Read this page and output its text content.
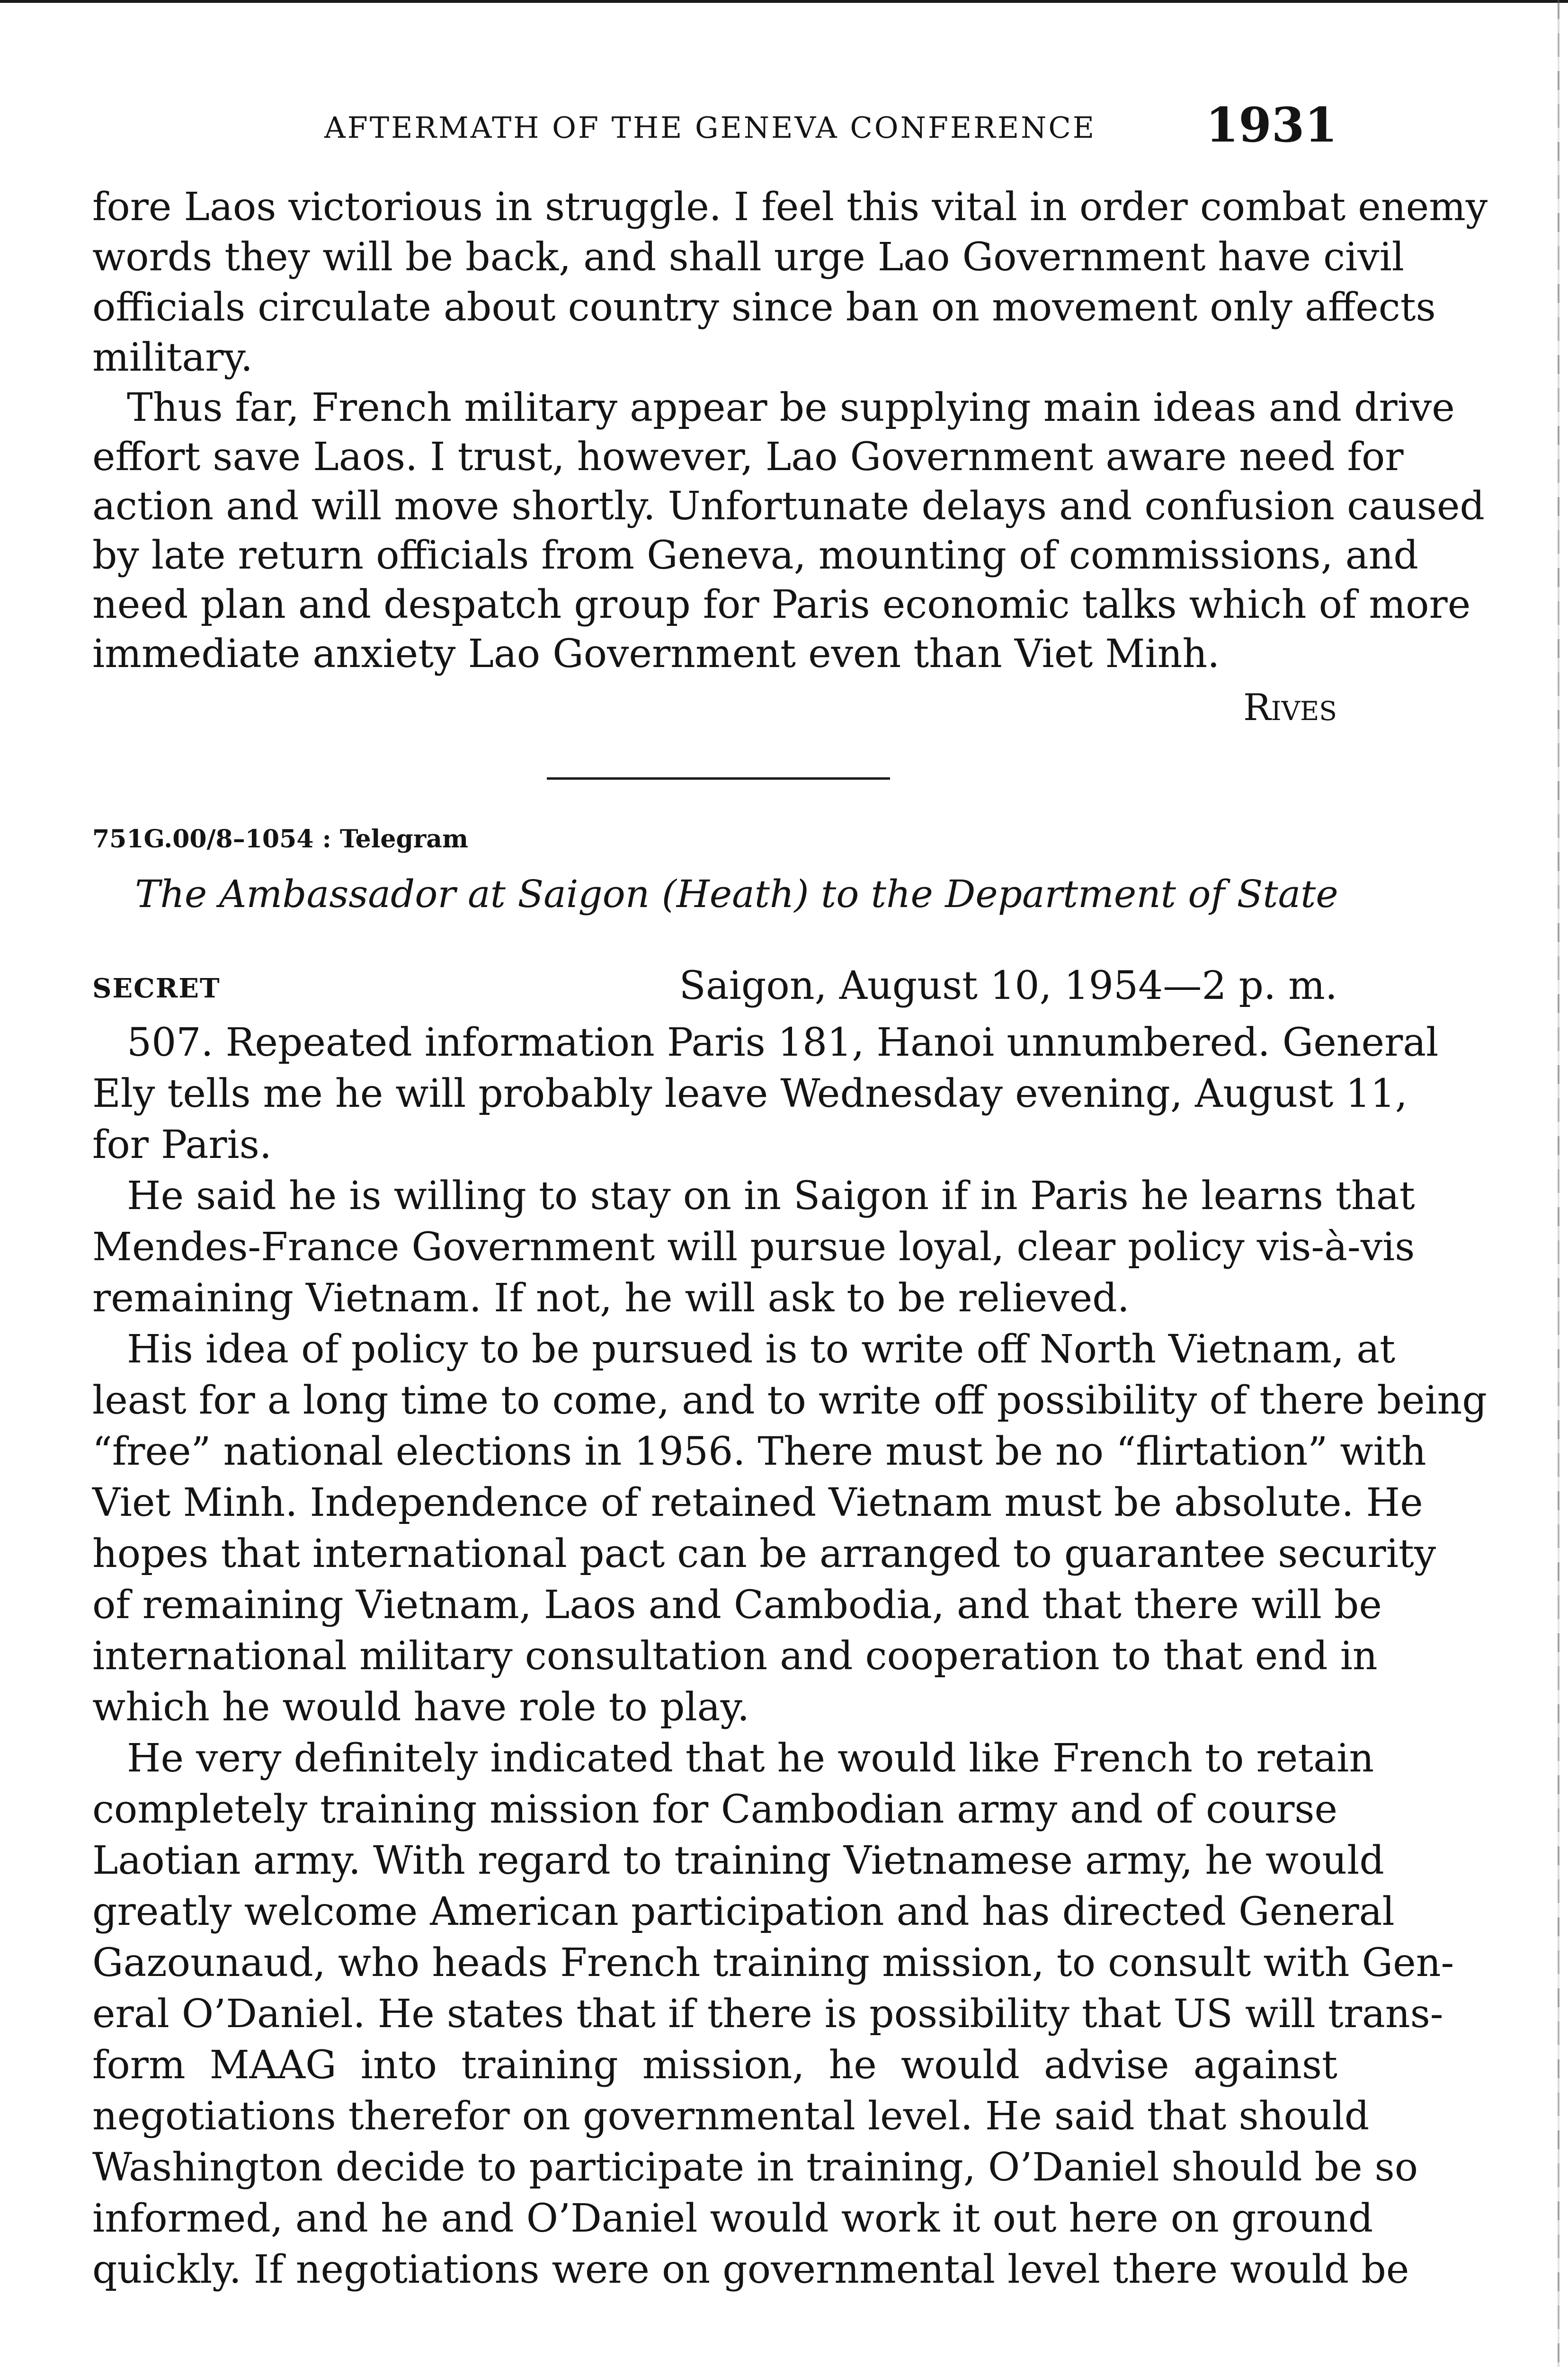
AFTERMATH OF THE GENEVA CONFERENCE 1931
fore Laos victorious in struggle. I feel this vital in order combat enemy
words they will be back, and shall urge Lao Government have civil
officials circulate about country since ban on movement only affects
military.
Thus far, French military appear be supplying main ideas and drive
effort save Laos. I trust, however, Lao Government aware need for
action and will move shortly. Unfortunate delays and confusion caused
by late return officials from Geneva, mounting of commissions, and
need plan and despatch group for Paris economic talks which of more
immediate anxiety Lao Government even than Viet Minh.
Rives
751G.00/8–1054 : Telegram
The Ambassador at Saigon (Heath) to the Department of State
SECRET	Saigon, August 10, 1954—2 p. m.
507. Repeated information Paris 181, Hanoi unnumbered. General
Ely tells me he will probably leave Wednesday evening, August 11,
for Paris.
He said he is willing to stay on in Saigon if in Paris he learns that
Mendes-France Government will pursue loyal, clear policy vis-à-vis
remaining Vietnam. If not, he will ask to be relieved.
His idea of policy to be pursued is to write off North Vietnam, at
least for a long time to come, and to write off possibility of there being
“free” national elections in 1956. There must be no “flirtation” with
Viet Minh. Independence of retained Vietnam must be absolute. He
hopes that international pact can be arranged to guarantee security
of remaining Vietnam, Laos and Cambodia, and that there will be
international military consultation and cooperation to that end in
which he would have role to play.
He very definitely indicated that he would like French to retain
completely training mission for Cambodian army and of course
Laotian army. With regard to training Vietnamese army, he would
greatly welcome American participation and has directed General
Gazounaud, who heads French training mission, to consult with Gen-
eral O’Daniel. He states that if there is possibility that US will trans-
form MAAG into training mission, he would advise against
negotiations therefor on governmental level. He said that should
Washington decide to participate in training, O’Daniel should be so
informed, and he and O’Daniel would work it out here on ground
quickly. If negotiations were on governmental level there would be
